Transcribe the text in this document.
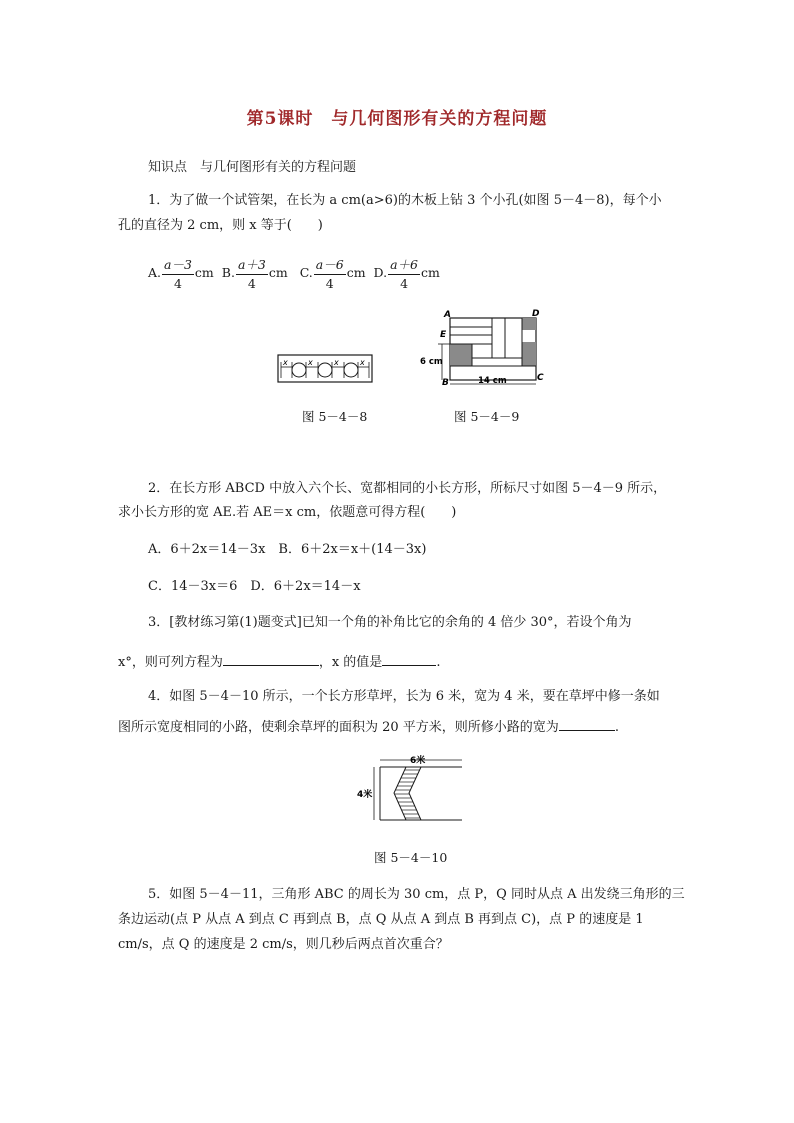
第5课时　与几何图形有关的方程问题
知识点　与几何图形有关的方程问题
1．为了做一个试管架，在长为 a cm(a>6)的木板上钻 3 个小孔(如图 5－4－8)，每个小
孔的直径为 2 cm，则 x 等于(　　)
A. $\frac{a-3}{4}$ cm B. $\frac{a+3}{4}$ cm C. $\frac{a-6}{4}$ cm D. $\frac{a+6}{4}$ cm
x	x	x	x
图 5－4－8
A	D
E
B	C
6 cm
14 cm
图 5－4－9
2．在长方形 ABCD 中放入六个长、宽都相同的小长方形，所标尺寸如图 5－4－9 所示，
求小长方形的宽 AE.若 AE＝x cm，依题意可得方程(　　)
A．6＋2x＝14－3x　B．6＋2x＝x＋(14－3x)
C．14－3x＝6　D．6＋2x＝14－x
3．[教材练习第(1)题变式]已知一个角的补角比它的余角的 4 倍少 30°，若设个角为
x°，则可列方程为	，x 的值是	.
4．如图 5－4－10 所示，一个长方形草坪，长为 6 米，宽为 4 米，要在草坪中修一条如
图所示宽度相同的小路，使剩余草坪的面积为 20 平方米，则所修小路的宽为	.
6米
4米
图 5－4－10
5．如图 5－4－11，三角形 ABC 的周长为 30 cm，点 P，Q 同时从点 A 出发绕三角形的三
条边运动(点 P 从点 A 到点 C 再到点 B，点 Q 从点 A 到点 B 再到点 C)，点 P 的速度是 1
cm/s，点 Q 的速度是 2 cm/s，则几秒后两点首次重合？
